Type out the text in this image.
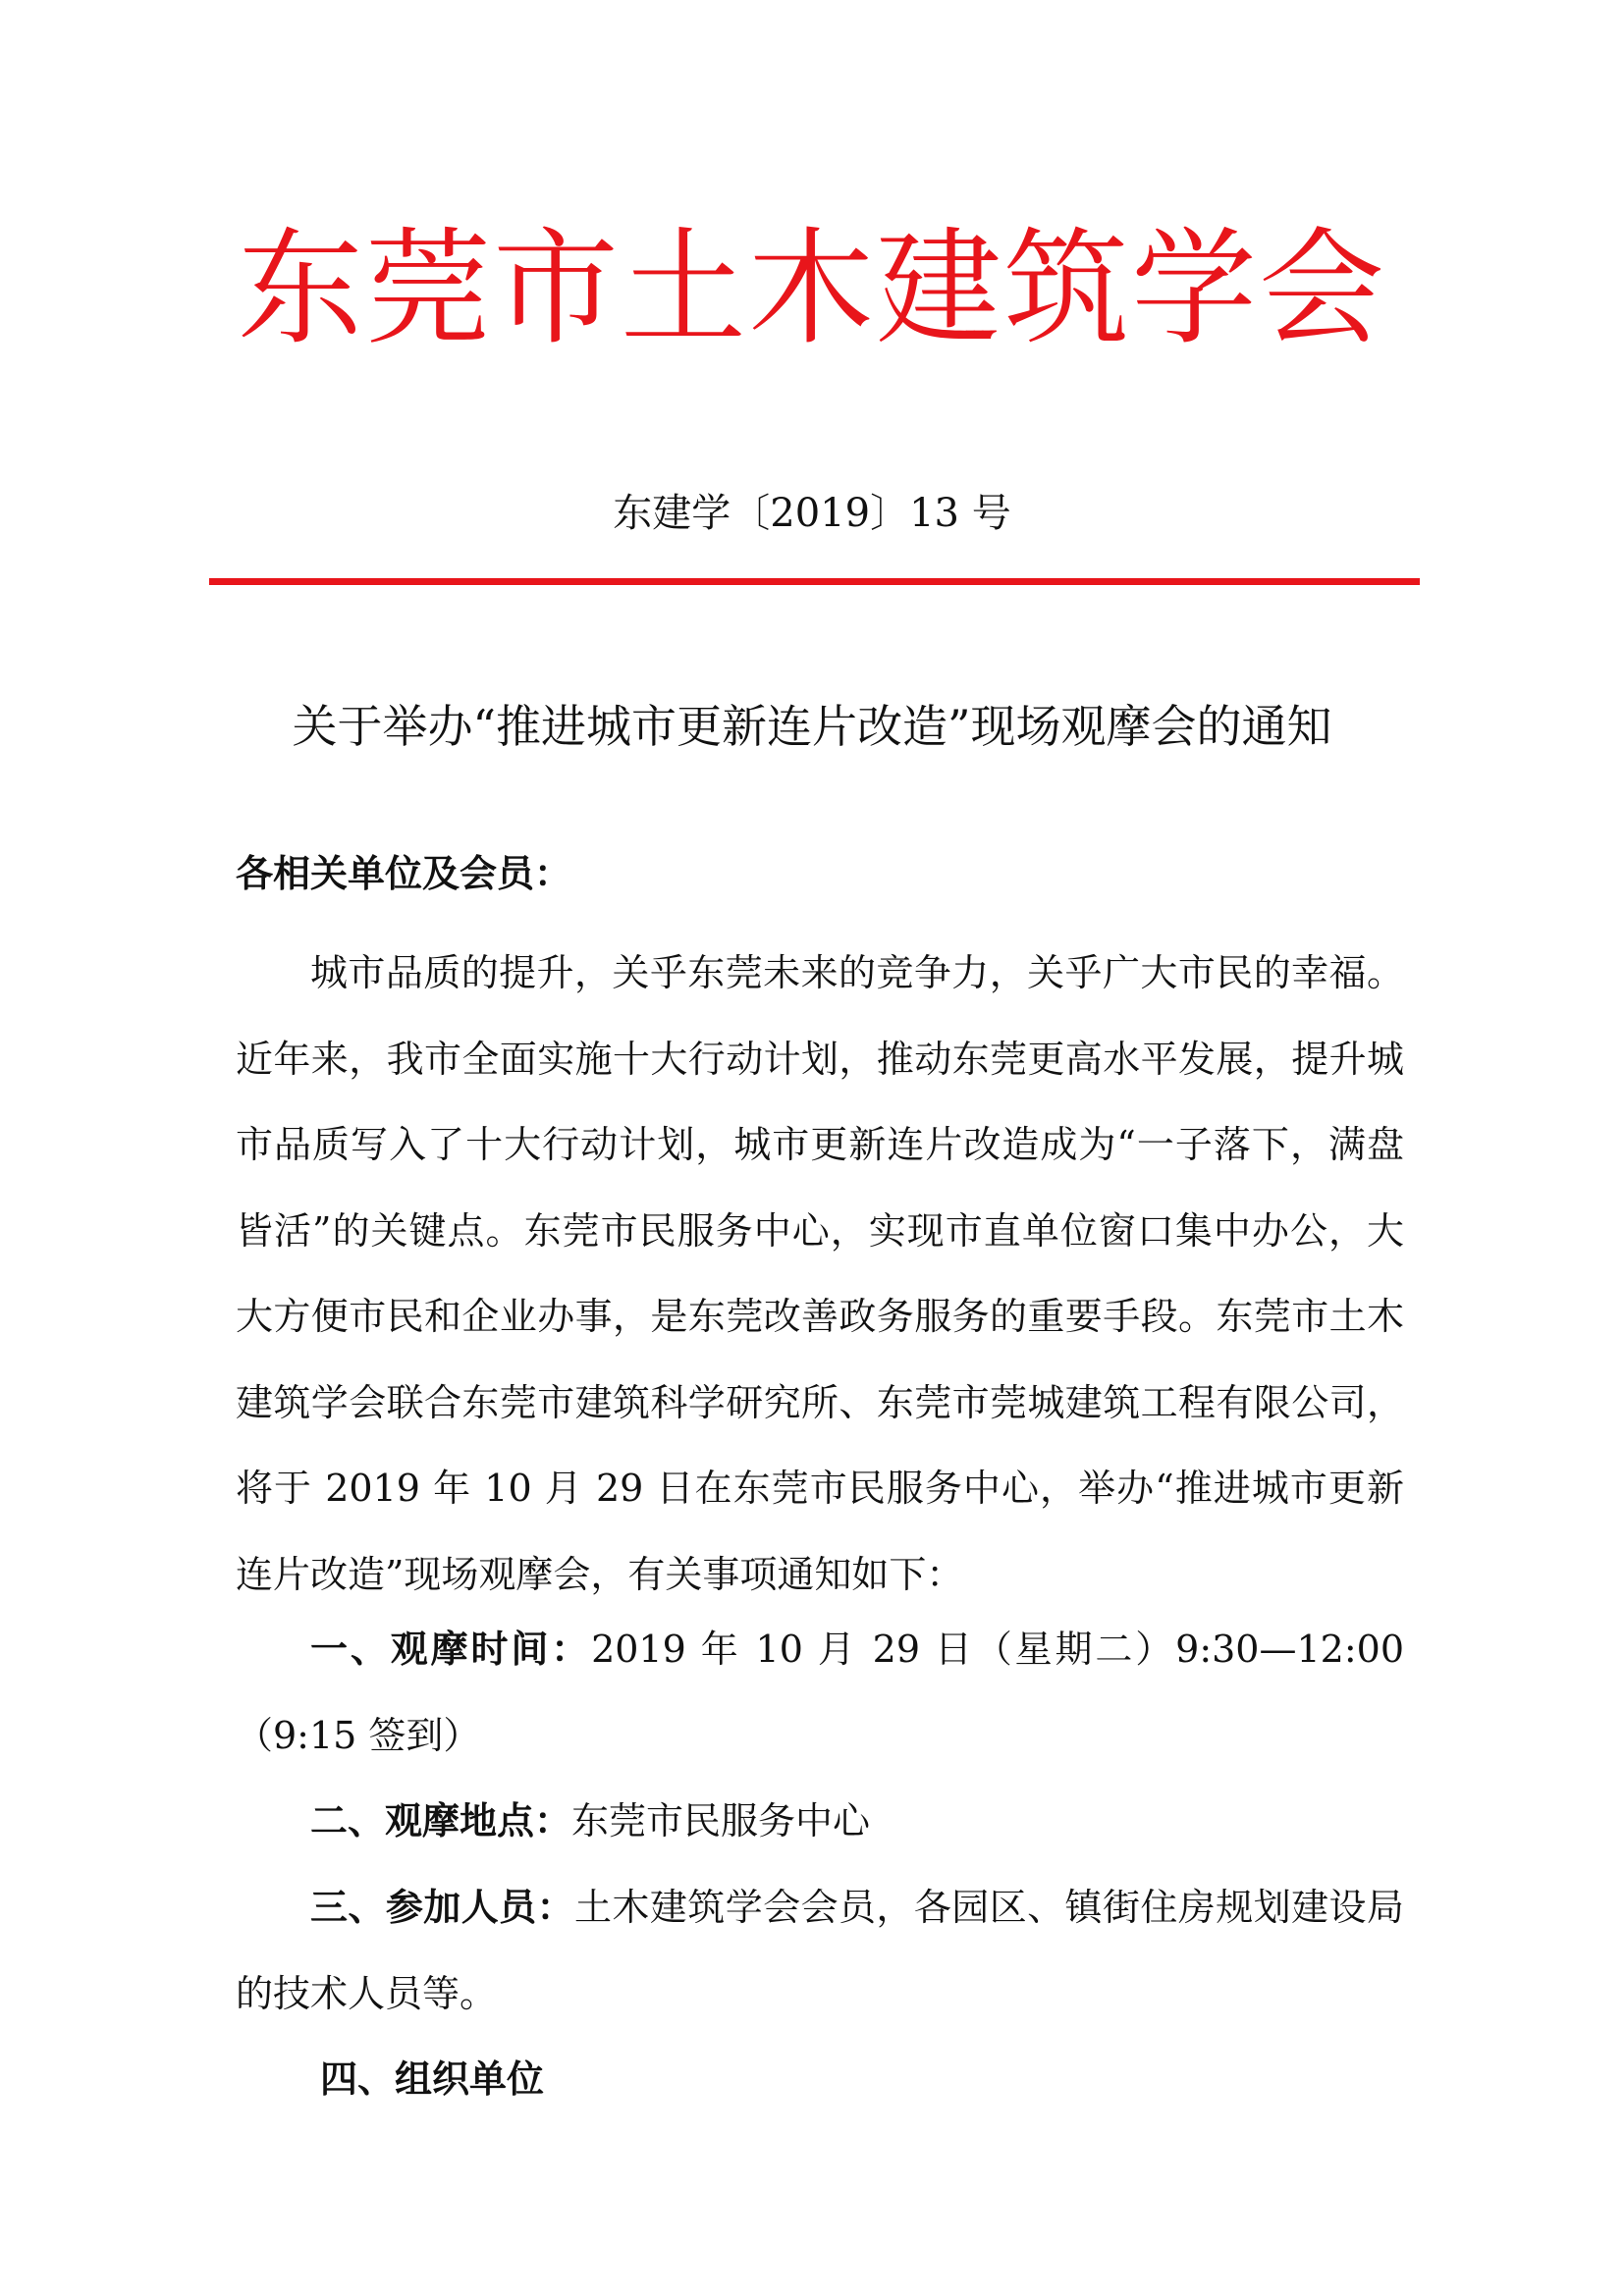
东莞市土木建筑学会
东建学〔2019〕13 号
关于举办“推进城市更新连片改造”现场观摩会的通知
各相关单位及会员：

城市品质的提升，关乎东莞未来的竞争力，关乎广大市民的幸福。近年来，我市全面实施十大行动计划，推动东莞更高水平发展，提升城市品质写入了十大行动计划，城市更新连片改造成为“一子落下，满盘皆活”的关键点。东莞市民服务中心，实现市直单位窗口集中办公，大大方便市民和企业办事，是东莞改善政务服务的重要手段。东莞市土木建筑学会联合东莞市建筑科学研究所、东莞市莞城建筑工程有限公司，将于 2019 年 10 月 29 日在东莞市民服务中心，举办“推进城市更新连片改造”现场观摩会，有关事项通知如下：

一、观摩时间：2019 年 10 月 29 日（星期二）9:30—12:00（9:15 签到）

二、观摩地点：东莞市民服务中心

三、参加人员：土木建筑学会会员，各园区、镇街住房规划建设局的技术人员等。

四、组织单位
